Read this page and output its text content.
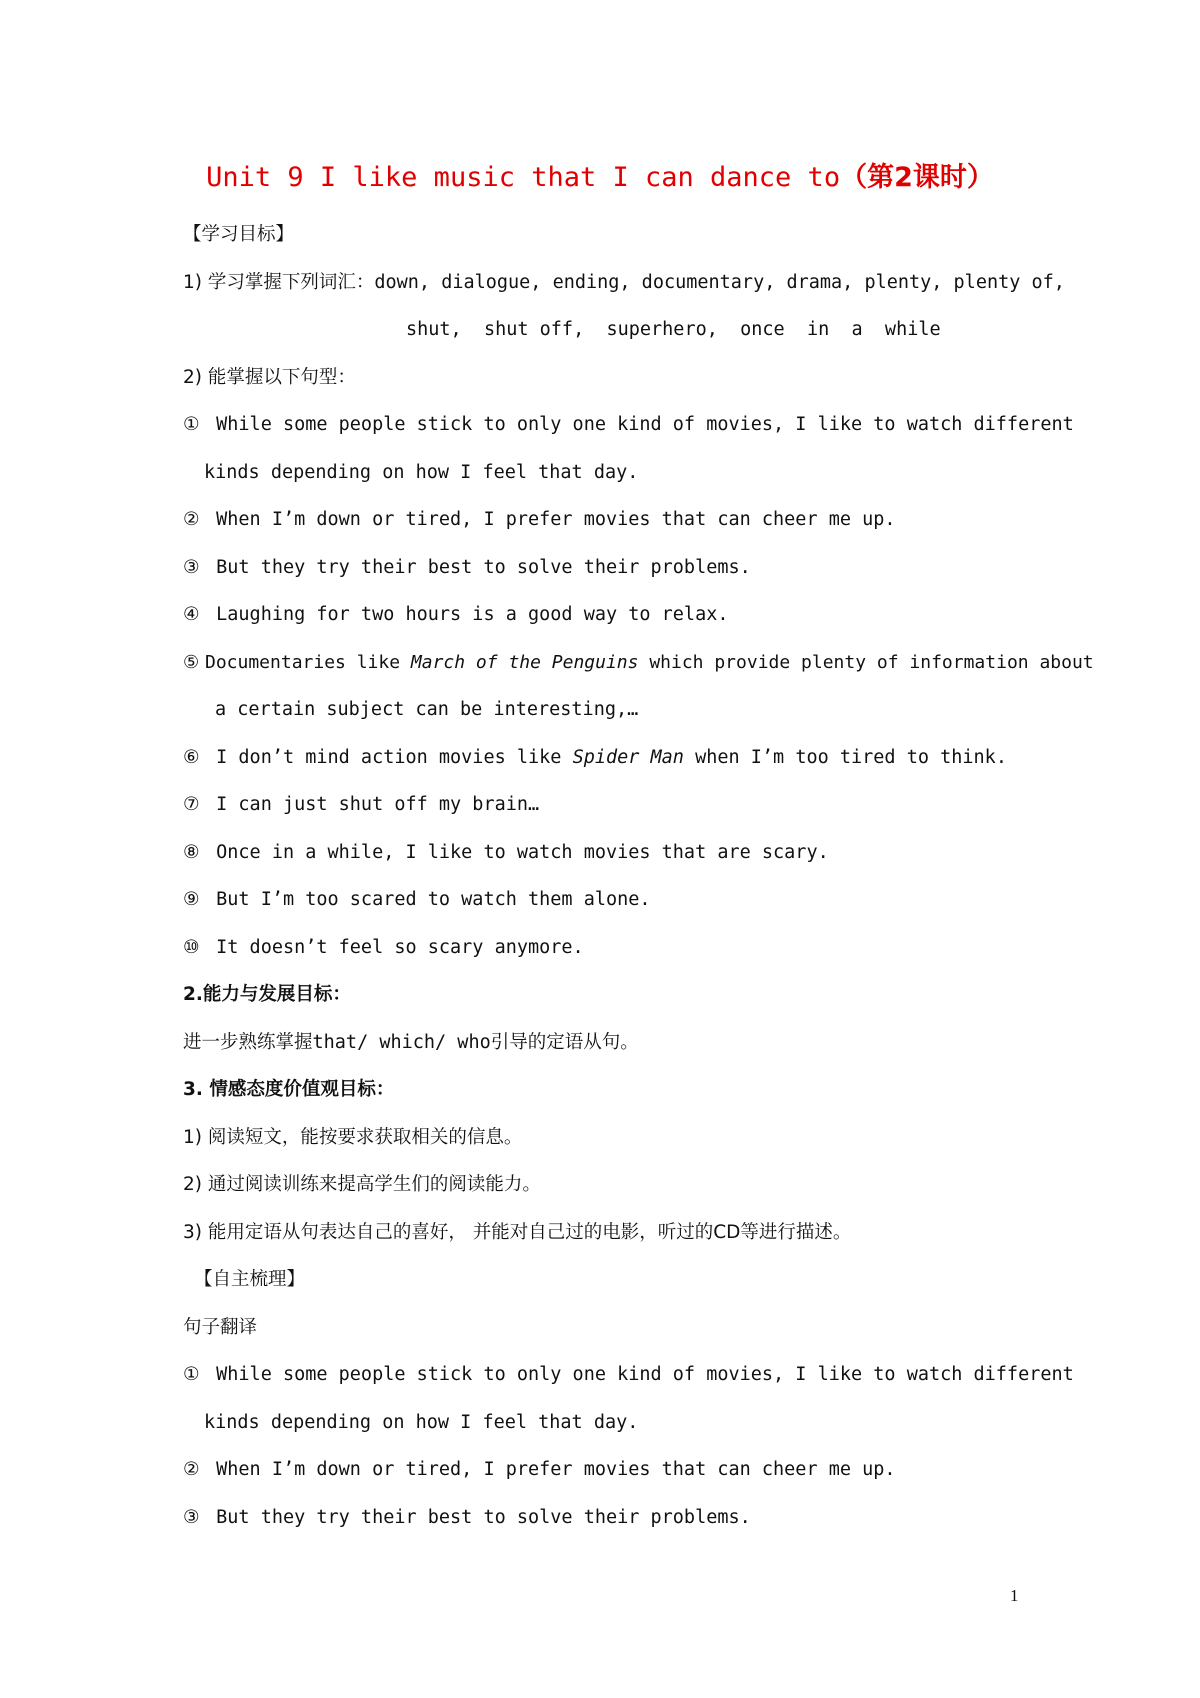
Unit 9 I like music that I can dance to（第2课时）
【学习目标】
1) 学习掌握下列词汇：down, dialogue, ending, documentary, drama, plenty, plenty of,
shut,  shut off,  superhero,  once  in  a  while
2) 能掌握以下句型：
① While some people stick to only one kind of movies, I like to watch different
kinds depending on how I feel that day.
② When I’m down or tired, I prefer movies that can cheer me up.
③ But they try their best to solve their problems.
④ Laughing for two hours is a good way to relax.
⑤ Documentaries like March of the Penguins which provide plenty of information about
a certain subject can be interesting,…
⑥ I don’t mind action movies like Spider Man when I’m too tired to think.
⑦ I can just shut off my brain…
⑧ Once in a while, I like to watch movies that are scary.
⑨ But I’m too scared to watch them alone.
⑩ It doesn’t feel so scary anymore.
2.能力与发展目标：
进一步熟练掌握that/ which/ who引导的定语从句。
3. 情感态度价值观目标：
1) 阅读短文，能按要求获取相关的信息。
2) 通过阅读训练来提高学生们的阅读能力。
3) 能用定语从句表达自己的喜好， 并能对自己过的电影，听过的CD等进行描述。
【自主梳理】
句子翻译
① While some people stick to only one kind of movies, I like to watch different
kinds depending on how I feel that day.
② When I’m down or tired, I prefer movies that can cheer me up.
③ But they try their best to solve their problems.
1
